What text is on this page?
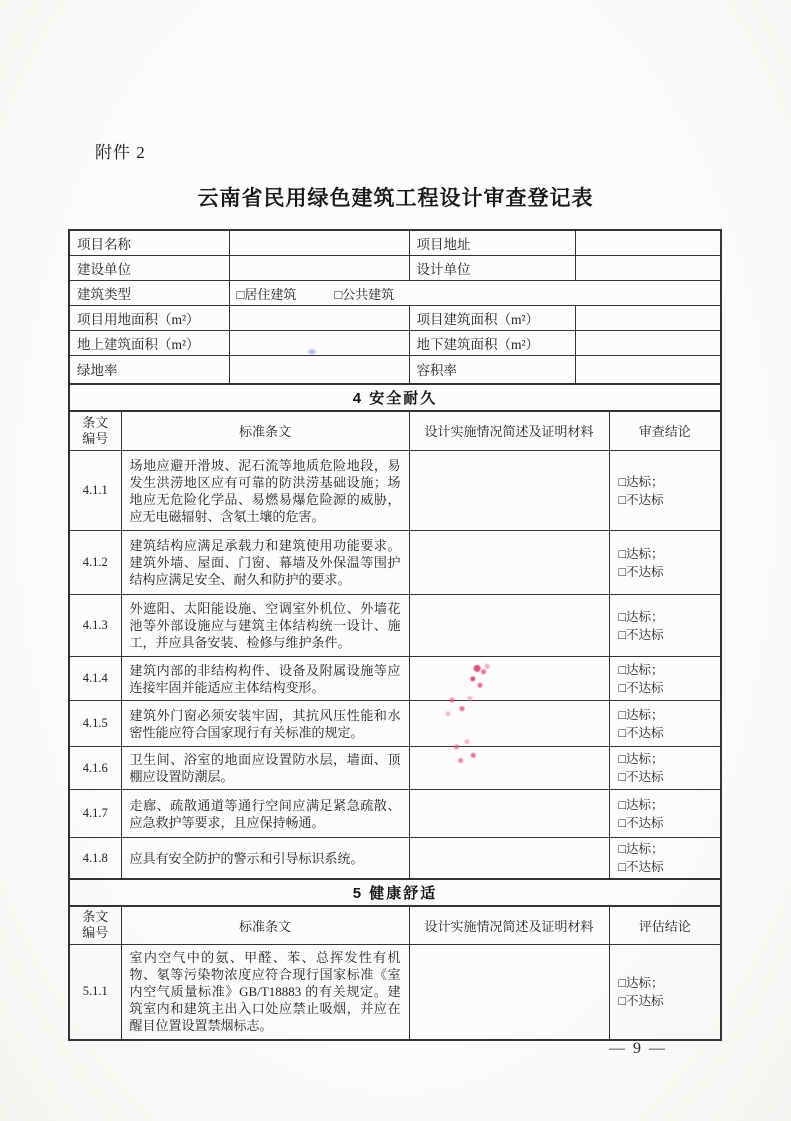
附件 2
云南省民用绿色建筑工程设计审查登记表
项目名称			项目地址		
建设单位			设计单位		
建筑类型		□居住建筑 □公共建筑			
项目用地面积（m²）			项目建筑面积（m²）		
地上建筑面积（m²）			地下建筑面积（m²）		
绿地率			容积率		
4 安全耐久					
条文编号	标准条文		设计实施情况简述及证明材料		审查结论
4.1.1	场地应避开滑坡、泥石流等地质危险地段，易发生洪涝地区应有可靠的防洪涝基础设施；场地应无危险化学品、易燃易爆危险源的威胁，应无电磁辐射、含氡土壤的危害。				□达标；
□不达标

4.1.2	建筑结构应满足承载力和建筑使用功能要求。建筑外墙、屋面、门窗、幕墙及外保温等围护结构应满足安全、耐久和防护的要求。				□达标；
□不达标

4.1.3	外遮阳、太阳能设施、空调室外机位、外墙花池等外部设施应与建筑主体结构统一设计、施工，并应具备安装、检修与维护条件。				□达标；
□不达标

4.1.4	建筑内部的非结构构件、设备及附属设施等应连接牢固并能适应主体结构变形。				□达标；
□不达标

4.1.5	建筑外门窗必须安装牢固，其抗风压性能和水密性能应符合国家现行有关标准的规定。				□达标；
□不达标

4.1.6	卫生间、浴室的地面应设置防水层，墙面、顶棚应设置防潮层。				□达标；
□不达标

4.1.7	走廊、疏散通道等通行空间应满足紧急疏散、应急救护等要求，且应保持畅通。				□达标；
□不达标

4.1.8	应具有安全防护的警示和引导标识系统。				□达标；
□不达标

5 健康舒适					
条文编号	标准条文		设计实施情况简述及证明材料		评估结论
5.1.1	室内空气中的氨、甲醛、苯、总挥发性有机物、氡等污染物浓度应符合现行国家标准《室内空气质量标准》GB/T18883 的有关规定。建筑室内和建筑主出入口处应禁止吸烟，并应在醒目位置设置禁烟标志。				□达标；
□不达标
— 9 —
